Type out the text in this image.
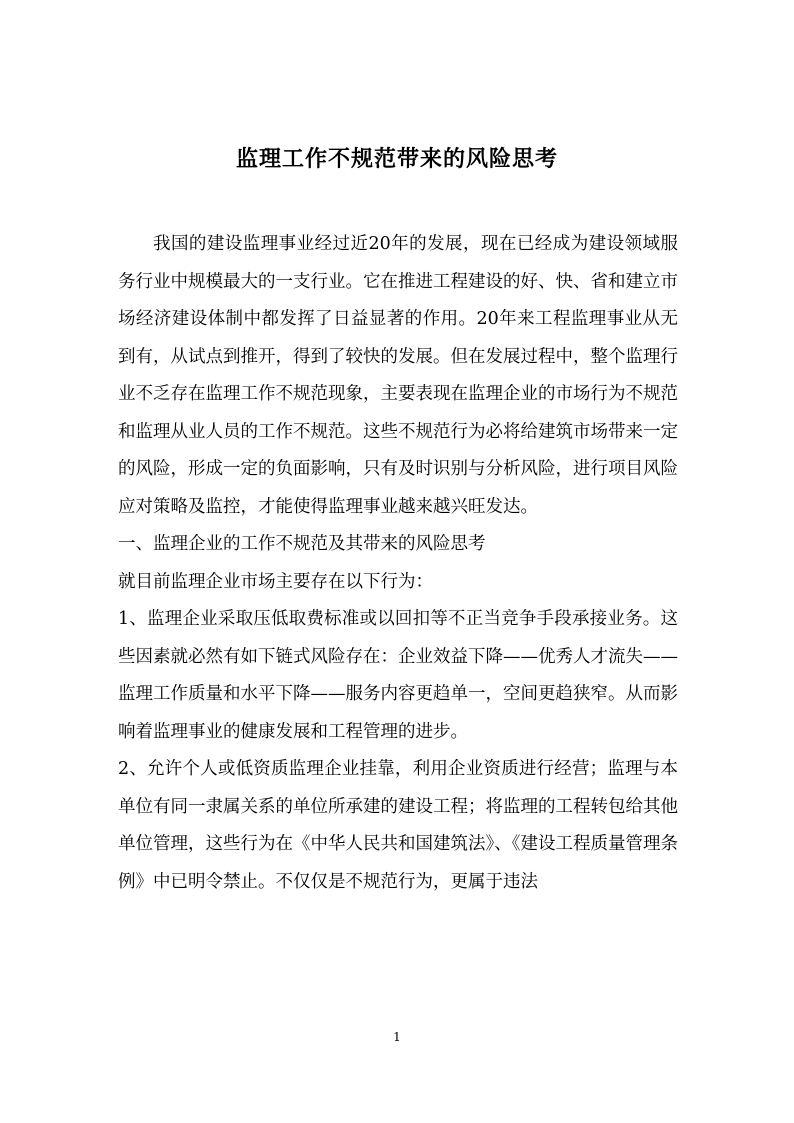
监理工作不规范带来的风险思考

我国的建设监理事业经过近20年的发展，现在已经成为建设领域服务行业中规模最大的一支行业。它在推进工程建设的好、快、省和建立市场经济建设体制中都发挥了日益显著的作用。20年来工程监理事业从无到有，从试点到推开，得到了较快的发展。但在发展过程中，整个监理行业不乏存在监理工作不规范现象，主要表现在监理企业的市场行为不规范和监理从业人员的工作不规范。这些不规范行为必将给建筑市场带来一定的风险，形成一定的负面影响，只有及时识别与分析风险，进行项目风险应对策略及监控，才能使得监理事业越来越兴旺发达。

一、监理企业的工作不规范及其带来的风险思考

就目前监理企业市场主要存在以下行为：

1、监理企业采取压低取费标准或以回扣等不正当竞争手段承接业务。这些因素就必然有如下链式风险存在：企业效益下降——优秀人才流失——监理工作质量和水平下降——服务内容更趋单一，空间更趋狭窄。从而影响着监理事业的健康发展和工程管理的进步。

2、允许个人或低资质监理企业挂靠，利用企业资质进行经营；监理与本单位有同一隶属关系的单位所承建的建设工程；将监理的工程转包给其他单位管理，这些行为在《中华人民共和国建筑法》、《建设工程质量管理条例》中已明令禁止。不仅仅是不规范行为，更属于违法

1
